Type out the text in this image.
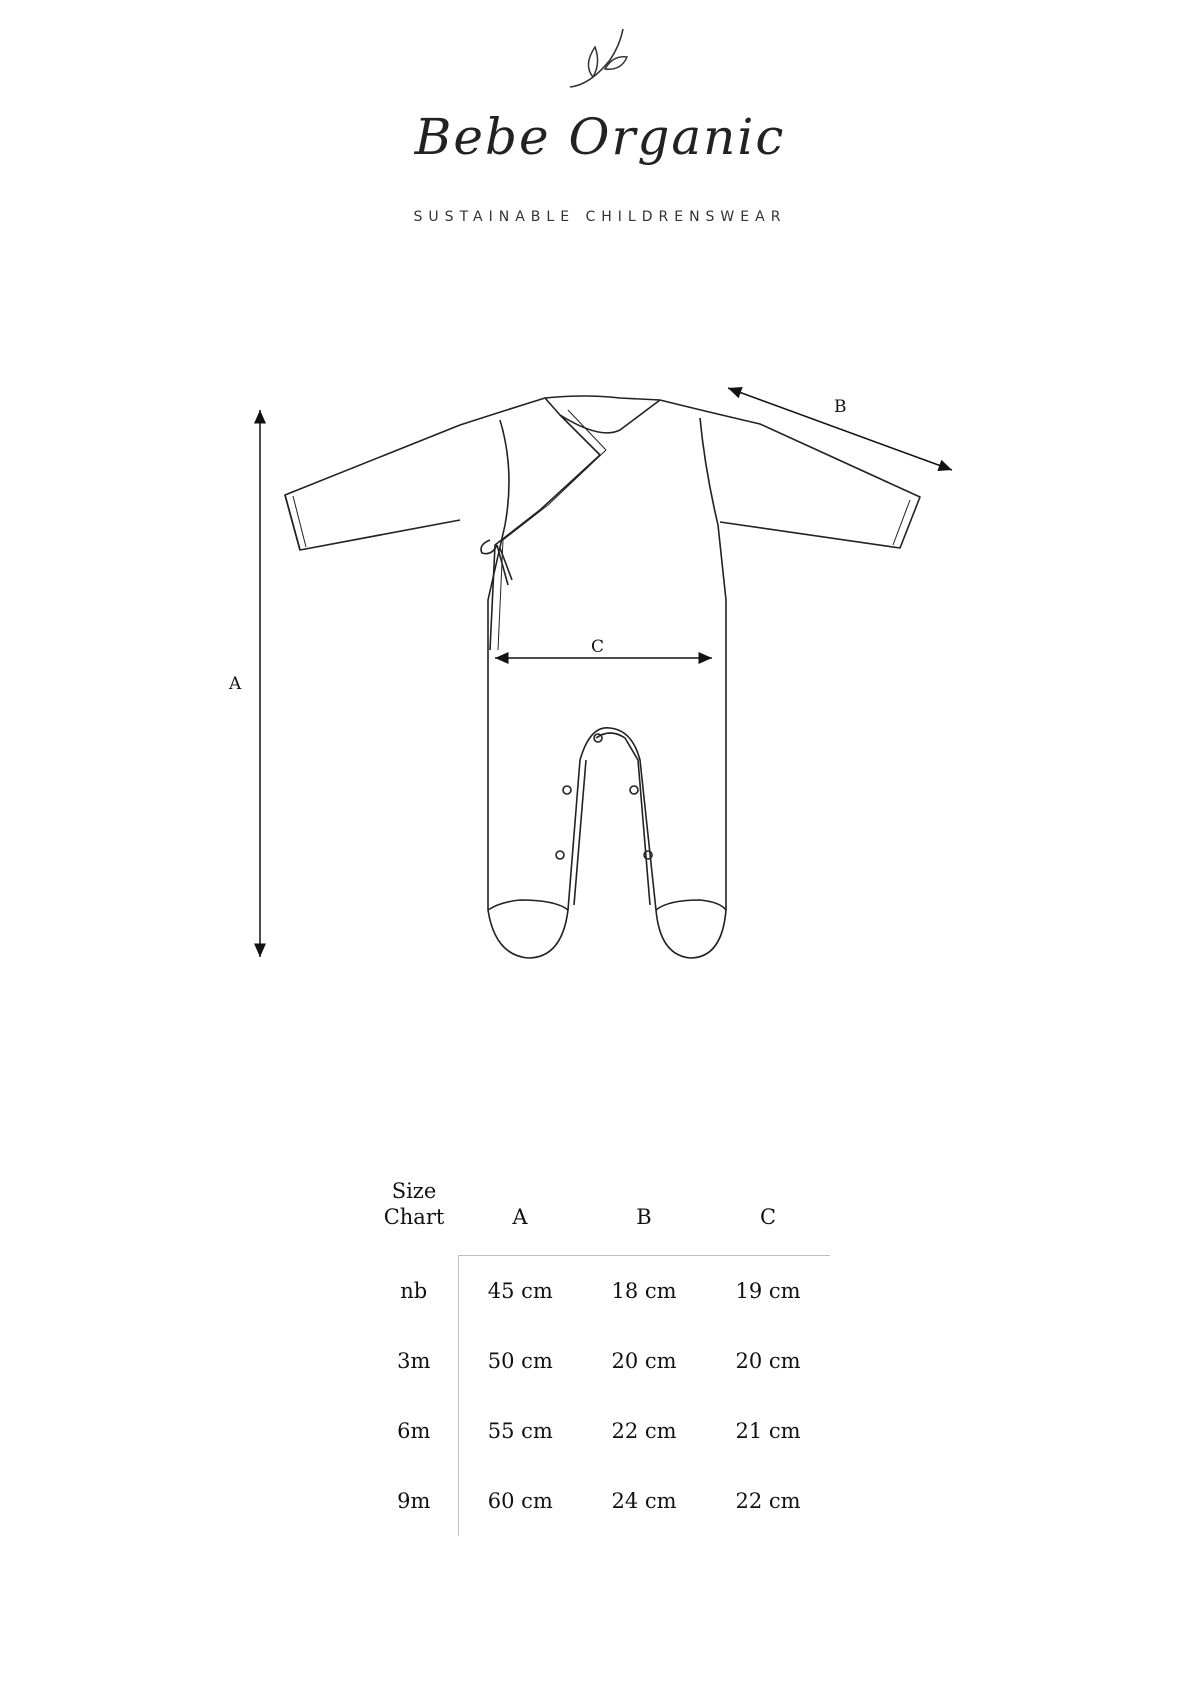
Bebe Organic
SUSTAINABLE CHILDRENSWEAR
A
B
C
Size Chart	A	B	C
nb	45 cm	18 cm	19 cm
3m	50 cm	20 cm	20 cm
6m	55 cm	22 cm	21 cm
9m	60 cm	24 cm	22 cm
